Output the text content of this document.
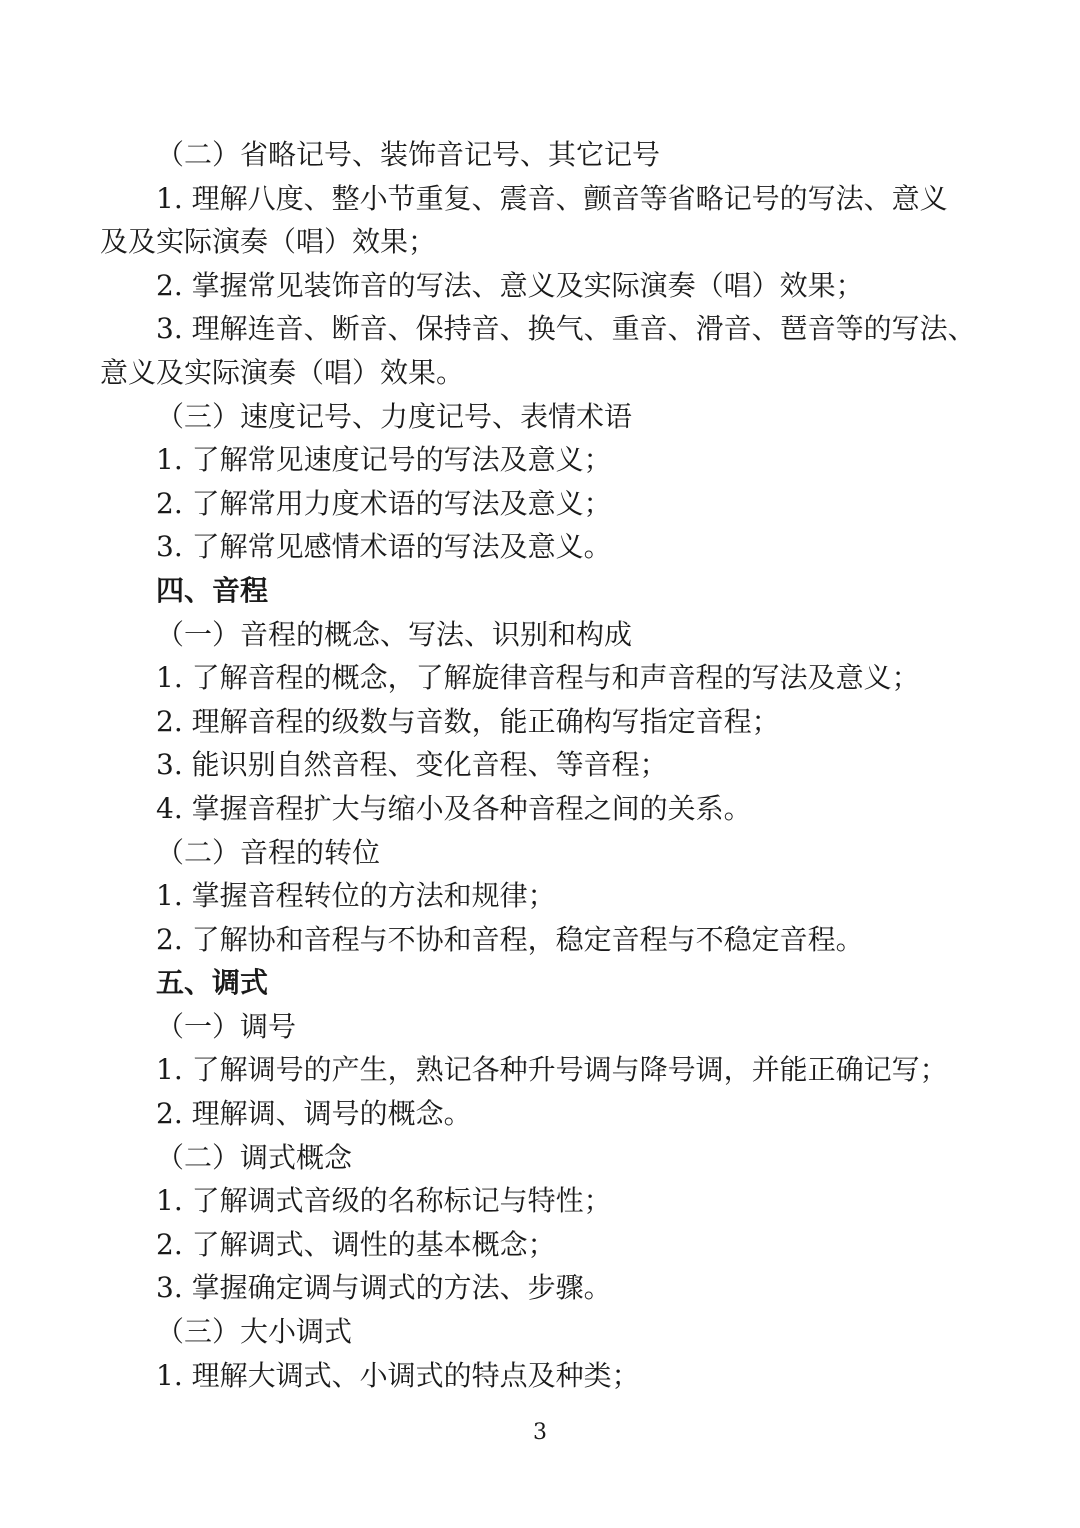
（二）省略记号、装饰音记号、其它记号

1. 理解八度、整小节重复、震音、颤音等省略记号的写法、意义

及及实际演奏（唱）效果；

2. 掌握常见装饰音的写法、意义及实际演奏（唱）效果；

3. 理解连音、断音、保持音、换气、重音、滑音、琶音等的写法、

意义及实际演奏（唱）效果。

（三）速度记号、力度记号、表情术语

1. 了解常见速度记号的写法及意义；

2. 了解常用力度术语的写法及意义；

3. 了解常见感情术语的写法及意义。

四、音程

（一）音程的概念、写法、识别和构成

1. 了解音程的概念，了解旋律音程与和声音程的写法及意义；

2. 理解音程的级数与音数，能正确构写指定音程；

3. 能识别自然音程、变化音程、等音程；

4. 掌握音程扩大与缩小及各种音程之间的关系。

（二）音程的转位

1. 掌握音程转位的方法和规律；

2. 了解协和音程与不协和音程，稳定音程与不稳定音程。

五、调式

（一）调号

1. 了解调号的产生，熟记各种升号调与降号调，并能正确记写；

2. 理解调、调号的概念。

（二）调式概念

1. 了解调式音级的名称标记与特性；

2. 了解调式、调性的基本概念；

3. 掌握确定调与调式的方法、步骤。

（三）大小调式

1. 理解大调式、小调式的特点及种类；

3
